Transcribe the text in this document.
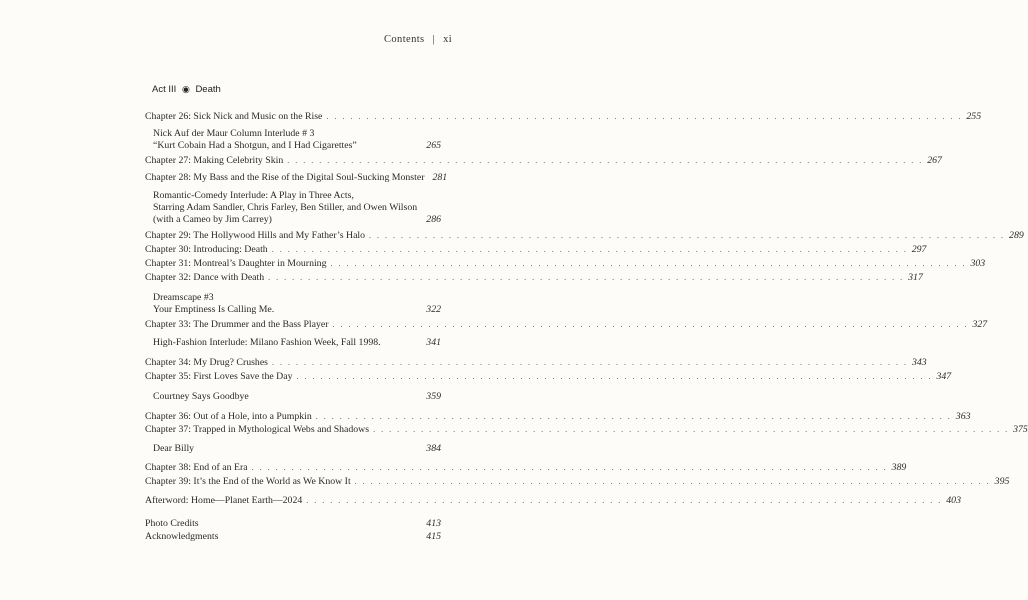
Contents | xi
Act III ◉ Death
Chapter 26: Sick Nick and Music on the Rise . . . . . . . . . . . . . . . . . . . . . . . . . . . . . . . . . . . . . . . . . . . . . . . . . . . . . . . . . . . . . . . . . . . . . . . . . . . . . . . . 255
Nick Auf der Maur Column Interlude # 3
“Kurt Cobain Had a Shotgun, and I Had Cigarettes”	265
Chapter 27: Making Celebrity Skin . . . . . . . . . . . . . . . . . . . . . . . . . . . . . . . . . . . . . . . . . . . . . . . . . . . . . . . . . . . . . . . . . . . . . . . . . . . . . . . . 267
Chapter 28: My Bass and the Rise of the Digital Soul-Sucking Monster 281
Romantic-Comedy Interlude: A Play in Three Acts,
Starring Adam Sandler, Chris Farley, Ben Stiller, and Owen Wilson
(with a Cameo by Jim Carrey)	286
Chapter 29: The Hollywood Hills and My Father’s Halo . . . . . . . . . . . . . . . . . . . . . . . . . . . . . . . . . . . . . . . . . . . . . . . . . . . . . . . . . . . . . . . . . . . . . . . . . . . . . . . . 289
Chapter 30: Introducing: Death . . . . . . . . . . . . . . . . . . . . . . . . . . . . . . . . . . . . . . . . . . . . . . . . . . . . . . . . . . . . . . . . . . . . . . . . . . . . . . . . 297
Chapter 31: Montreal’s Daughter in Mourning . . . . . . . . . . . . . . . . . . . . . . . . . . . . . . . . . . . . . . . . . . . . . . . . . . . . . . . . . . . . . . . . . . . . . . . . . . . . . . . . 303
Chapter 32: Dance with Death . . . . . . . . . . . . . . . . . . . . . . . . . . . . . . . . . . . . . . . . . . . . . . . . . . . . . . . . . . . . . . . . . . . . . . . . . . . . . . . . 317
Dreamscape #3
Your Emptiness Is Calling Me.	322
Chapter 33: The Drummer and the Bass Player . . . . . . . . . . . . . . . . . . . . . . . . . . . . . . . . . . . . . . . . . . . . . . . . . . . . . . . . . . . . . . . . . . . . . . . . . . . . . . . . 327
High-Fashion Interlude: Milano Fashion Week, Fall 1998.	341
Chapter 34: My Drug? Crushes . . . . . . . . . . . . . . . . . . . . . . . . . . . . . . . . . . . . . . . . . . . . . . . . . . . . . . . . . . . . . . . . . . . . . . . . . . . . . . . . 343
Chapter 35: First Loves Save the Day . . . . . . . . . . . . . . . . . . . . . . . . . . . . . . . . . . . . . . . . . . . . . . . . . . . . . . . . . . . . . . . . . . . . . . . . . . . . . . . . 347
Courtney Says Goodbye	359
Chapter 36: Out of a Hole, into a Pumpkin . . . . . . . . . . . . . . . . . . . . . . . . . . . . . . . . . . . . . . . . . . . . . . . . . . . . . . . . . . . . . . . . . . . . . . . . . . . . . . . . 363
Chapter 37: Trapped in Mythological Webs and Shadows . . . . . . . . . . . . . . . . . . . . . . . . . . . . . . . . . . . . . . . . . . . . . . . . . . . . . . . . . . . . . . . . . . . . . . . . . . . . . . . . 375
Dear Billy	384
Chapter 38: End of an Era . . . . . . . . . . . . . . . . . . . . . . . . . . . . . . . . . . . . . . . . . . . . . . . . . . . . . . . . . . . . . . . . . . . . . . . . . . . . . . . . 389
Chapter 39: It’s the End of the World as We Know It . . . . . . . . . . . . . . . . . . . . . . . . . . . . . . . . . . . . . . . . . . . . . . . . . . . . . . . . . . . . . . . . . . . . . . . . . . . . . . . . 395
Afterword: Home—Planet Earth—2024 . . . . . . . . . . . . . . . . . . . . . . . . . . . . . . . . . . . . . . . . . . . . . . . . . . . . . . . . . . . . . . . . . . . . . . . . . . . . . . . . 403
Photo Credits	413
Acknowledgments	415
